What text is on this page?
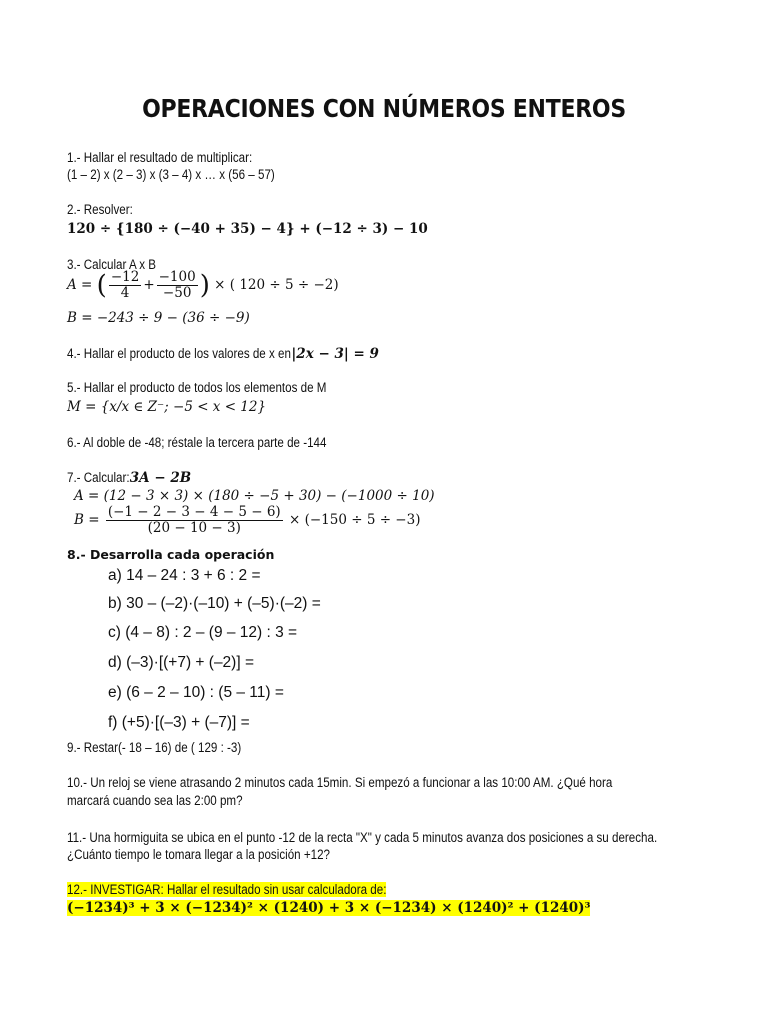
OPERACIONES CON NÚMEROS ENTEROS
1.- Hallar el resultado de multiplicar:
(1 – 2) x (2 – 3) x (3 – 4) x … x (56 – 57)
2.- Resolver:
120 ÷ {180 ÷ (−40 + 35) − 4} + (−12 ÷ 3) − 10
3.- Calcular A x B
A = ( $\frac{-12}{4} + \frac{-100}{-50}$ ) × ( 120 ÷ 5 ÷ −2)
B = −243 ÷ 9 − (36 ÷ −9)
4.- Hallar el producto de los valores de x en|2x − 3| = 9
5.- Hallar el producto de todos los elementos de M
M = {x/x ∈ Z⁻; −5 < x < 12}
6.- Al doble de -48; réstale la tercera parte de -144
7.- Calcular:3A − 2B
A = (12 − 3 × 3) × (180 ÷ −5 + 30) − (−1000 ÷ 10)
$B = \frac{(-1 - 2 - 3 - 4 - 5 - 6)}{(20 - 10 - 3)} \times (-150 \div 5 \div -3)$
8.- Desarrolla cada operación
a) 14 – 24 : 3 + 6 : 2 =
b) 30 – (–2)·(–10) + (–5)·(–2) =
c) (4 – 8) : 2 – (9 – 12) : 3 =
d) (–3)·[(+7) + (–2)] =
e) (6 – 2 – 10) : (5 – 11) =
f) (+5)·[(–3) + (–7)] =
9.- Restar(- 18 – 16) de ( 129 : -3)
10.- Un reloj se viene atrasando 2 minutos cada 15min. Si empezó a funcionar a las 10:00 AM. ¿Qué hora
marcará cuando sea las 2:00 pm?
11.- Una hormiguita se ubica en el punto -12 de la recta "X" y cada 5 minutos avanza dos posiciones a su derecha.
¿Cuánto tiempo le tomara llegar a la posición +12?
12.- INVESTIGAR: Hallar el resultado sin usar calculadora de:
(−1234)³ + 3 × (−1234)² × (1240) + 3 × (−1234) × (1240)² + (1240)³
